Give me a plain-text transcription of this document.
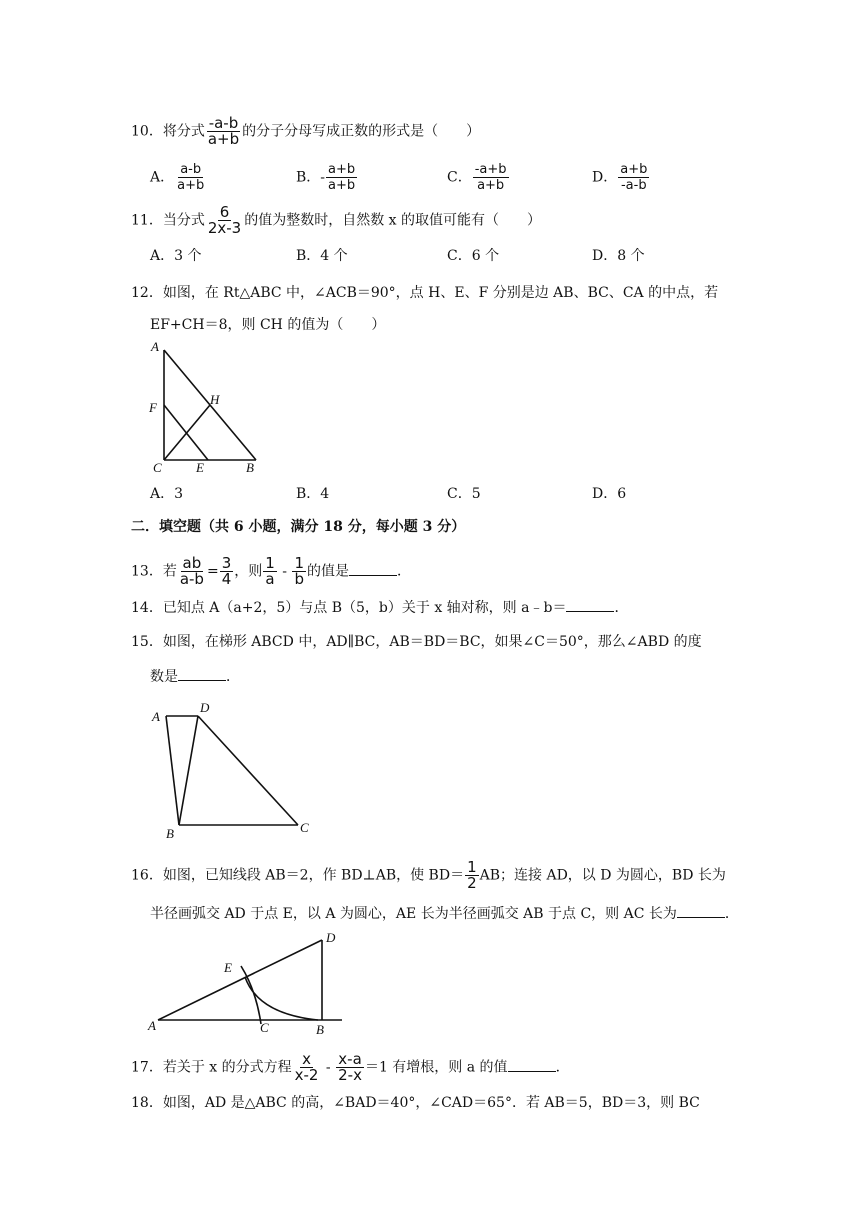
10．将分式 $\frac{-a-b}{a+b}$ 的分子分母写成正数的形式是（　　）
A． $\frac{a-b}{a+b}$	B．- $\frac{a+b}{a+b}$	C． $\frac{-a+b}{a+b}$	D． $\frac{a+b}{-a-b}$
11．当分式 $\frac{6}{2x-3}$ 的值为整数时，自然数 x 的取值可能有（　　）
A．3 个	B．4 个	C．6 个	D．8 个
12．如图，在 Rt△ABC 中，∠ACB＝90°，点 H、E、F 分别是边 AB、BC、CA 的中点，若
EF+CH＝8，则 CH 的值为（　　）
A
F
H
C	E	B
A．3	B．4	C．5	D．6
二．填空题（共 6 小题，满分 18 分，每小题 3 分）
13．若 $\frac{ab}{a-b} = \frac{3}{4}$ ，则 $\frac{1}{a} - \frac{1}{b}$ 的值是	．
14．已知点 A（a+2，5）与点 B（5，b）关于 x 轴对称，则 a﹣b＝	．
15．如图，在梯形 ABCD 中，AD∥BC，AB＝BD＝BC，如果∠C＝50°，那么∠ABD 的度
数是	．
A
D
B	C
16．如图，已知线段 AB＝2，作 BD⊥AB，使 $BD= \frac{1}{2}$ AB；连接 AD，以 D 为圆心，BD 长为
半径画弧交 AD 于点 E，以 A 为圆心，AE 长为半径画弧交 AB 于点 C，则 AC 长为	．
D
E
A	C	B
17．若关于 x 的分式方程 $\frac{x}{x-2} - \frac{x-a}{2-x} =1$ 有增根，则 a 的值	．
18．如图，AD 是△ABC 的高，∠BAD＝40°，∠CAD＝65°．若 AB＝5，BD＝3，则 BC
